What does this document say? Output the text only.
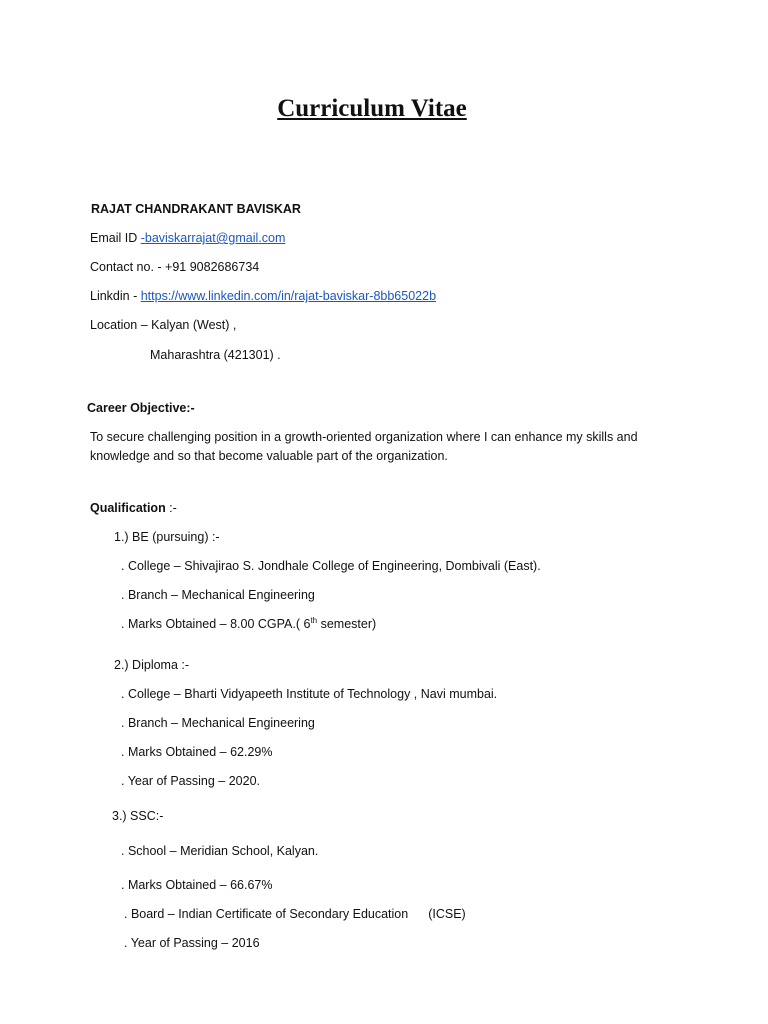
Curriculum Vitae
RAJAT CHANDRAKANT BAVISKAR
Email ID -baviskarrajat@gmail.com
Contact no. - +91 9082686734
Linkdin - https://www.linkedin.com/in/rajat-baviskar-8bb65022b
Location – Kalyan (West) ,
Maharashtra (421301) .
Career Objective:-
To secure challenging position in a growth-oriented organization where I can enhance my skills and knowledge and so that become valuable part of the organization.
Qualification :-
1.) BE (pursuing) :-
. College – Shivajirao S. Jondhale College of Engineering, Dombivali (East).
. Branch – Mechanical Engineering
. Marks Obtained – 8.00 CGPA.( 6th semester)
2.) Diploma :-
. College – Bharti Vidyapeeth Institute of Technology , Navi mumbai.
. Branch – Mechanical Engineering
. Marks Obtained – 62.29%
. Year of Passing – 2020.
3.) SSC:-
. School – Meridian School, Kalyan.
. Marks Obtained – 66.67%
. Board – Indian Certificate of Secondary Education (ICSE)
. Year of Passing – 2016
